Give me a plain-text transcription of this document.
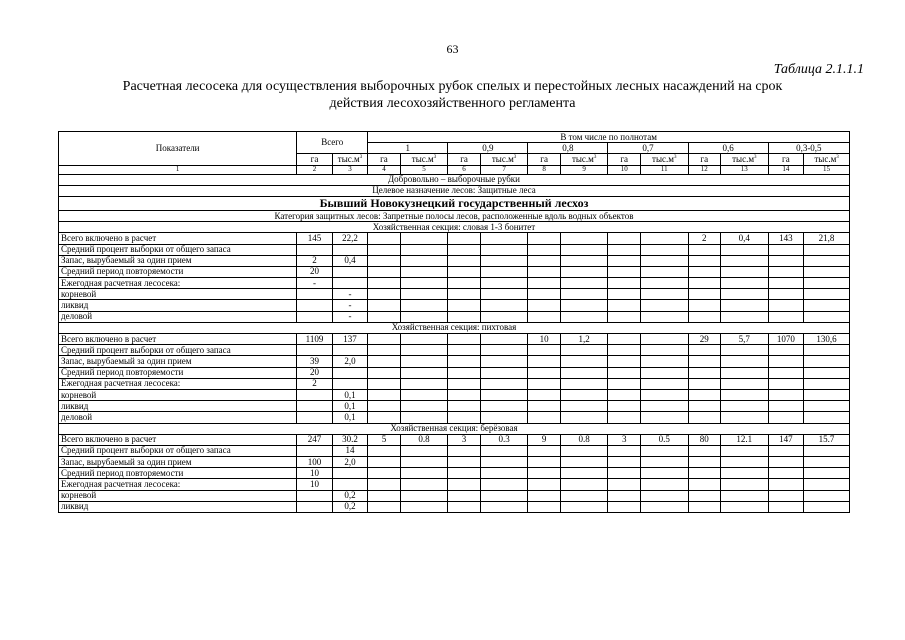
63
Таблица 2.1.1.1
Расчетная лесосека для осуществления выборочных рубок спелых и перестойных лесных насаждений на срок
действия лесохозяйственного регламента
Показатели	Всего		В том числе по полнотам											
			1		0,9		0,8		0,7		0,6		0,3-0,5	
	га	$тыс.м^3$	га	$тыс.м^3$	га	$тыс.м^3$	га	$тыс.м^3$	га	$тыс.м^3$	га	$тыс.м^3$	га	$тыс.м^3$
1	2	3	4	5	6	7	8	9	10	11	12	13	14	15
Добровольно – выборочные рубки														
Целевое назначение лесов: Защитные леса														
Бывший Новокузнецкий государственный лесхоз														
Категория защитных лесов: Запретные полосы лесов, расположенные вдоль водных объектов														
Хозяйственная секция: словая 1-3 бонитет														
Всего включено в расчет	145	22,2									2	0,4	143	21,8
Средний процент выборки от общего запаса														
Запас, вырубаемый за один прием	2	0,4												
Средний период повторяемости	20													
Ежегодная расчетная лесосека:	-													
корневой		-												
ликвид		-												
деловой		-												
Хозяйственная секция: пихтовая														
Всего включено в расчет	1109	137					10	1,2			29	5,7	1070	130,6
Средний процент выборки от общего запаса														
Запас, вырубаемый за один прием	39	2,0												
Средний период повторяемости	20													
Ежегодная расчетная лесосека:	2													
корневой		0,1												
ликвид		0,1												
деловой		0,1												
Хозяйственная секция: берёзовая														
Всего включено в расчет	247	30.2	5	0.8	3	0.3	9	0.8	3	0.5	80	12.1	147	15.7
Средний процент выборки от общего запаса		14												
Запас, вырубаемый за один прием	100	2,0												
Средний период повторяемости	10													
Ежегодная расчетная лесосека:	10													
корневой		0,2												
ликвид		0,2												
